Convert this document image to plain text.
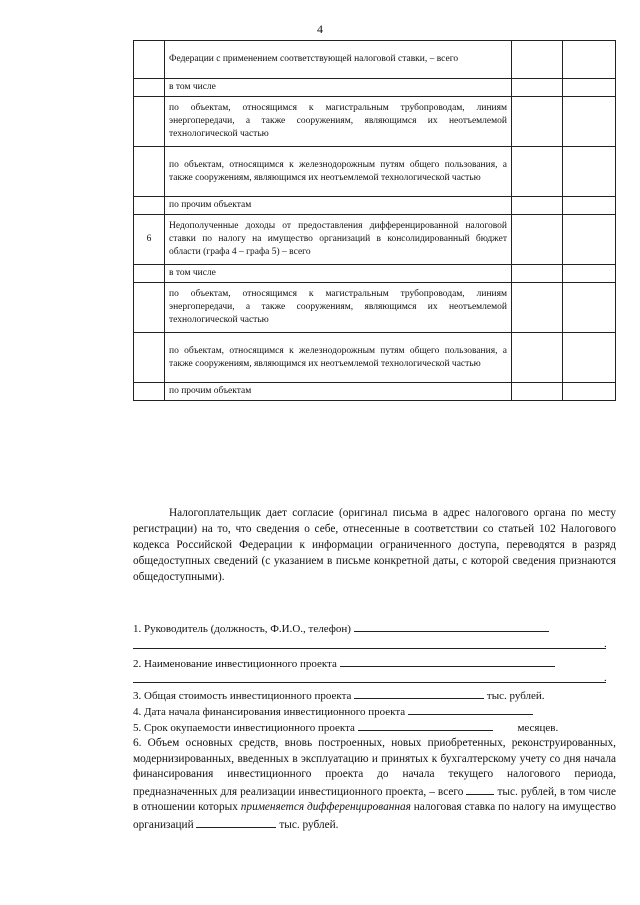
4
	Федерации с применением соответствующей налоговой ставки, – всего		
	в том числе		
	по объектам, относящимся к магистральным трубопроводам, линиям энергопередачи, а также сооружениям, являющимся их неотъемлемой технологической частью		
	по объектам, относящимся к железнодорожным путям общего пользования, а также сооружениям, являющимся их неотъемлемой технологической частью		
	по прочим объектам		
6	Недополученные доходы от предоставления дифференцированной налоговой ставки по налогу на имущество организаций в консолидированный бюджет области (графа 4 – графа 5) – всего		
	в том числе		
	по объектам, относящимся к магистральным трубопроводам, линиям энергопередачи, а также сооружениям, являющимся их неотъемлемой технологической частью		
	по объектам, относящимся к железнодорожным путям общего пользования, а также сооружениям, являющимся их неотъемлемой технологической частью		
	по прочим объектам		

Налогоплательщик дает согласие (оригинал письма в адрес налогового органа по месту регистрации) на то, что сведения о себе, отнесенные в соответствии со статьей 102 Налогового кодекса Российской Федерации к информации ограниченного доступа, переводятся в разряд общедоступных сведений (с указанием в письме конкретной даты, с которой сведения признаются общедоступными).

1. Руководитель (должность, Ф.И.О., телефон)
.
2. Наименование инвестиционного проекта
.
3. Общая стоимость инвестиционного проекта	тыс. рублей.
4. Дата начала финансирования инвестиционного проекта
5. Срок окупаемости инвестиционного проекта	месяцев.
6. Объем основных средств, вновь построенных, новых приобретенных, реконструированных, модернизированных, введенных в эксплуатацию и принятых к бухгалтерскому учету со дня начала финансирования инвестиционного проекта до начала текущего налогового периода, предназначенных для реализации инвестиционного проекта, – всего	тыс. рублей, в том числе в отношении которых применяется дифференцированная налоговая ставка по налогу на имущество организаций	тыс. рублей.
